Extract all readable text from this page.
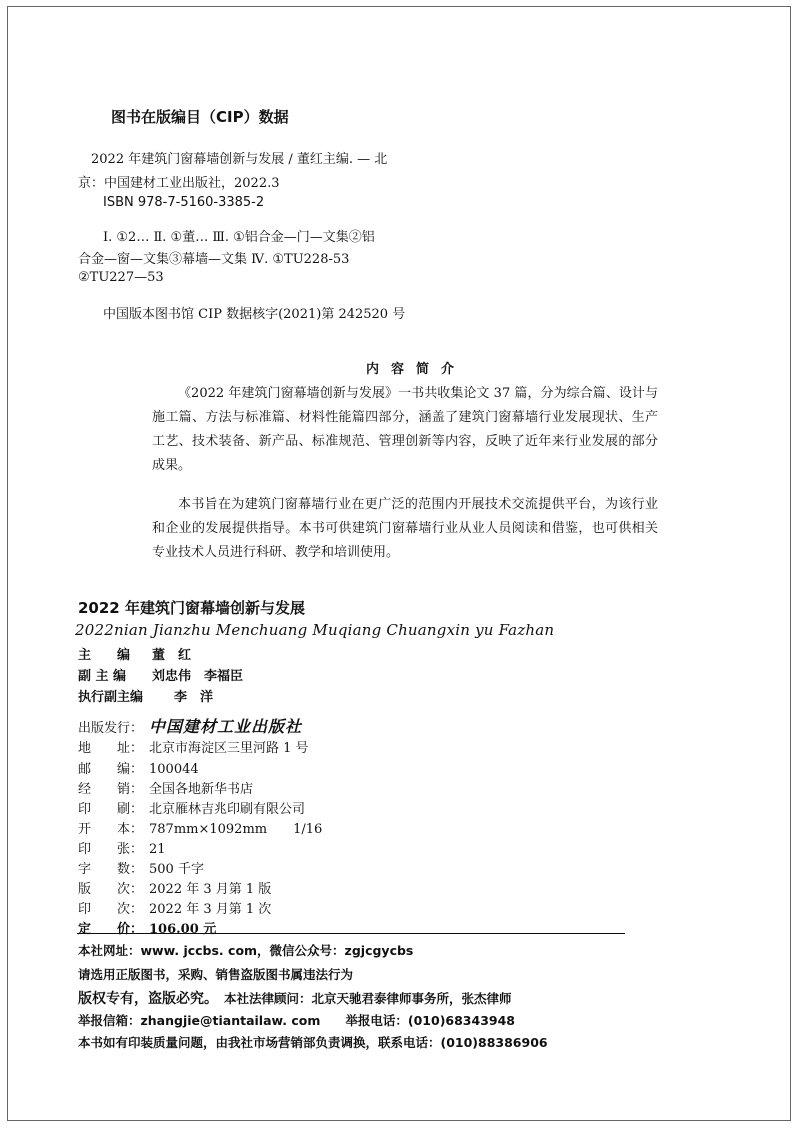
图书在版编目（CIP）数据
2022 年建筑门窗幕墙创新与发展 / 董红主编. — 北
京：中国建材工业出版社，2022.3
ISBN 978-7-5160-3385-2
Ⅰ. ①2… Ⅱ. ①董… Ⅲ. ①铝合金—门—文集②铝
合金—窗—文集③幕墙—文集 Ⅳ. ①TU228-53
②TU227—53
中国版本图书馆 CIP 数据核字(2021)第 242520 号
内容简介

《2022 年建筑门窗幕墙创新与发展》一书共收集论文 37 篇，分为综合篇、设计与施工篇、方法与标准篇、材料性能篇四部分，涵盖了建筑门窗幕墙行业发展现状、生产工艺、技术装备、新产品、标准规范、管理创新等内容，反映了近年来行业发展的部分成果。

本书旨在为建筑门窗幕墙行业在更广泛的范围内开展技术交流提供平台，为该行业和企业的发展提供指导。本书可供建筑门窗幕墙行业从业人员阅读和借鉴，也可供相关专业技术人员进行科研、教学和培训使用。

2022 年建筑门窗幕墙创新与发展
2022nian Jianzhu Menchuang Muqiang Chuangxin yu Fazhan
主　　编 董　红
副 主 编 刘忠伟　李福臣
执行副主编 李　洋
出版发行： 中国建材工业出版社
地　　址： 北京市海淀区三里河路 1 号
邮　　编： 100044
经　　销： 全国各地新华书店
印　　刷： 北京雁林吉兆印刷有限公司
开　　本： 787mm×1092mm　　1/16
印　　张： 21
字　　数： 500 千字
版　　次： 2022 年 3 月第 1 版
印　　次： 2022 年 3 月第 1 次
定　　价： 106.00 元
本社网址：www. jccbs. com，微信公众号：zgjcgycbs
请选用正版图书，采购、销售盗版图书属违法行为
版权专有，盗版必究。 本社法律顾问：北京天驰君泰律师事务所，张杰律师
举报信箱：zhangjie@tiantailaw. com　　举报电话：(010)68343948
本书如有印装质量问题，由我社市场营销部负责调换，联系电话：(010)88386906
